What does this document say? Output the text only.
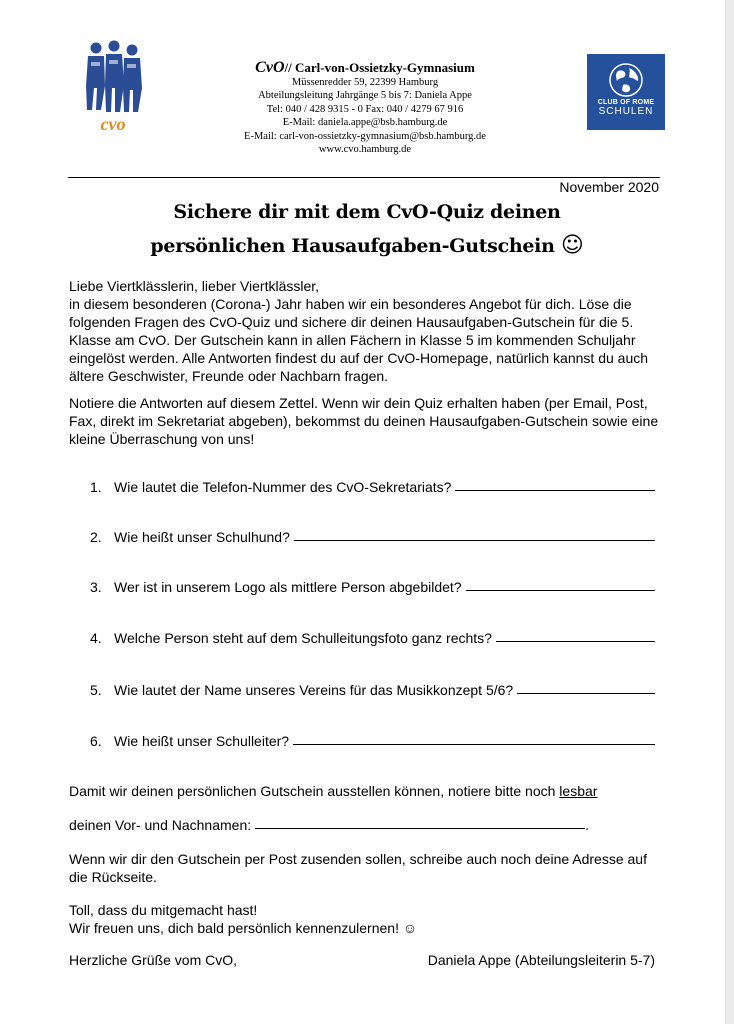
cvo
CvO// Carl-von-Ossietzky-Gymnasium
Müssenredder 59, 22399 Hamburg
Abteilungsleitung Jahrgänge 5 bis 7: Daniela Appe
Tel: 040 / 428 9315 - 0 Fax: 040 / 4279 67 916
E-Mail: daniela.appe@bsb.hamburg.de
E-Mail: carl-von-ossietzky-gymnasium@bsb.hamburg.de
www.cvo.hamburg.de
CLUB OF ROME
SCHULEN
November 2020
Sichere dir mit dem CvO-Quiz deinen
persönlichen Hausaufgaben-Gutschein ☺

Liebe Viertklässlerin, lieber Viertklässler,

in diesem besonderen (Corona-) Jahr haben wir ein besonderes Angebot für dich. Löse die folgenden Fragen des CvO-Quiz und sichere dir deinen Hausaufgaben-Gutschein für die 5. Klasse am CvO. Der Gutschein kann in allen Fächern in Klasse 5 im kommenden Schuljahr eingelöst werden. Alle Antworten findest du auf der CvO-Homepage, natürlich kannst du auch ältere Geschwister, Freunde oder Nachbarn fragen.

Notiere die Antworten auf diesem Zettel. Wenn wir dein Quiz erhalten haben (per Email, Post, Fax, direkt im Sekretariat abgeben), bekommst du deinen Hausaufgaben-Gutschein sowie eine kleine Überraschung von uns!

1. Wie lautet die Telefon-Nummer des CvO-Sekretariats?
2. Wie heißt unser Schulhund?
3. Wer ist in unserem Logo als mittlere Person abgebildet?
4. Welche Person steht auf dem Schulleitungsfoto ganz rechts?
5. Wie lautet der Name unseres Vereins für das Musikkonzept 5/6?
6. Wie heißt unser Schulleiter?
Damit wir deinen persönlichen Gutschein ausstellen können, notiere bitte noch lesbar
deinen Vor- und Nachnamen:	.
Wenn wir dir den Gutschein per Post zusenden sollen, schreibe auch noch deine Adresse auf die Rückseite.
Toll, dass du mitgemacht hast!
Wir freuen uns, dich bald persönlich kennenzulernen! ☺
Herzliche Grüße vom CvO,	Daniela Appe (Abteilungsleiterin 5-7)
